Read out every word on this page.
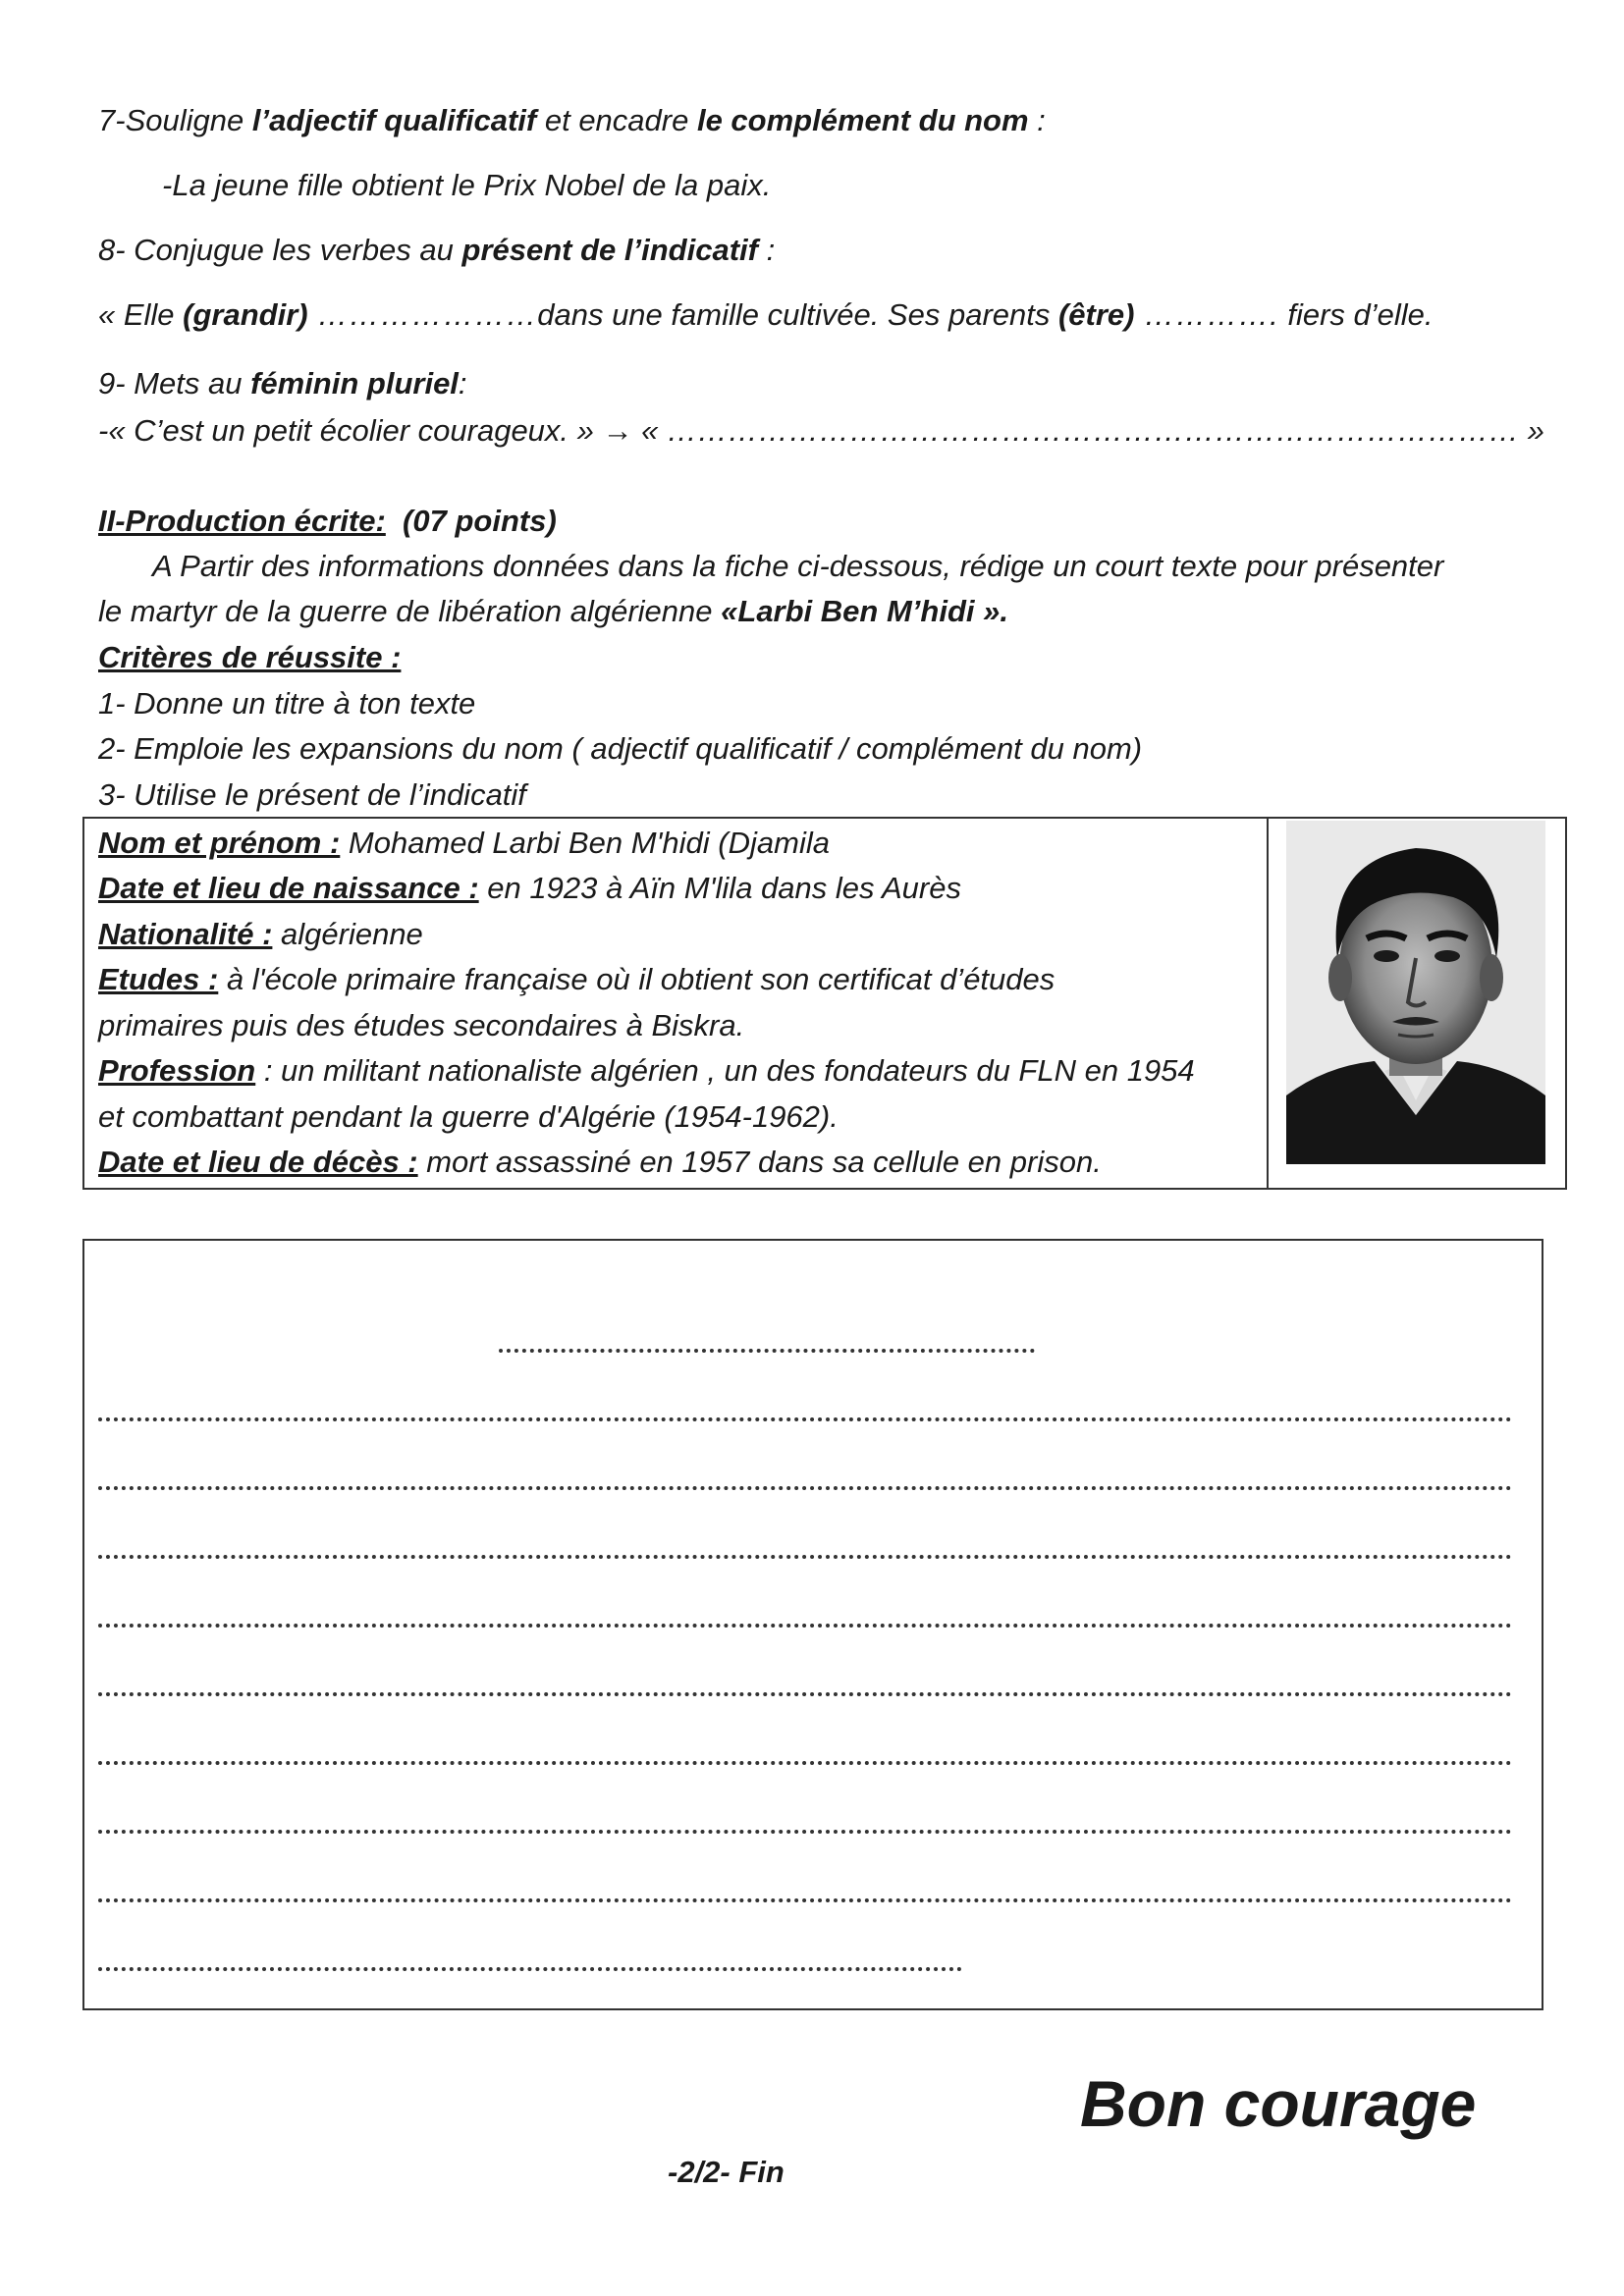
7-Souligne l’adjectif qualificatif et encadre le complément du nom :
-La jeune fille obtient le Prix Nobel de la paix.
8- Conjugue les verbes au présent de l’indicatif :
« Elle (grandir) …………………dans une famille cultivée. Ses parents (être) …………. fiers d’elle.
9- Mets au féminin pluriel:
-« C’est un petit écolier courageux. » → « ………………………………………………………………………… »
II-Production écrite: (07 points)
A Partir des informations données dans la fiche ci-dessous, rédige un court texte pour présenter
le martyr de la guerre de libération algérienne «Larbi Ben M’hidi ».
Critères de réussite :
1- Donne un titre à ton texte
2- Emploie les expansions du nom ( adjectif qualificatif / complément du nom)
3- Utilise le présent de l’indicatif
Nom et prénom : Mohamed Larbi Ben M'hidi (Djamila
Date et lieu de naissance : en 1923 à Aïn M'lila dans les Aurès
Nationalité : algérienne
Etudes : à l'école primaire française où il obtient son certificat d’études
primaires puis des études secondaires à Biskra.
Profession : un militant nationaliste algérien , un des fondateurs du FLN en 1954
et combattant pendant la guerre d'Algérie (1954-1962).
Date et lieu de décès : mort assassiné en 1957 dans sa cellule en prison.
Bon courage
-2/2- Fin
